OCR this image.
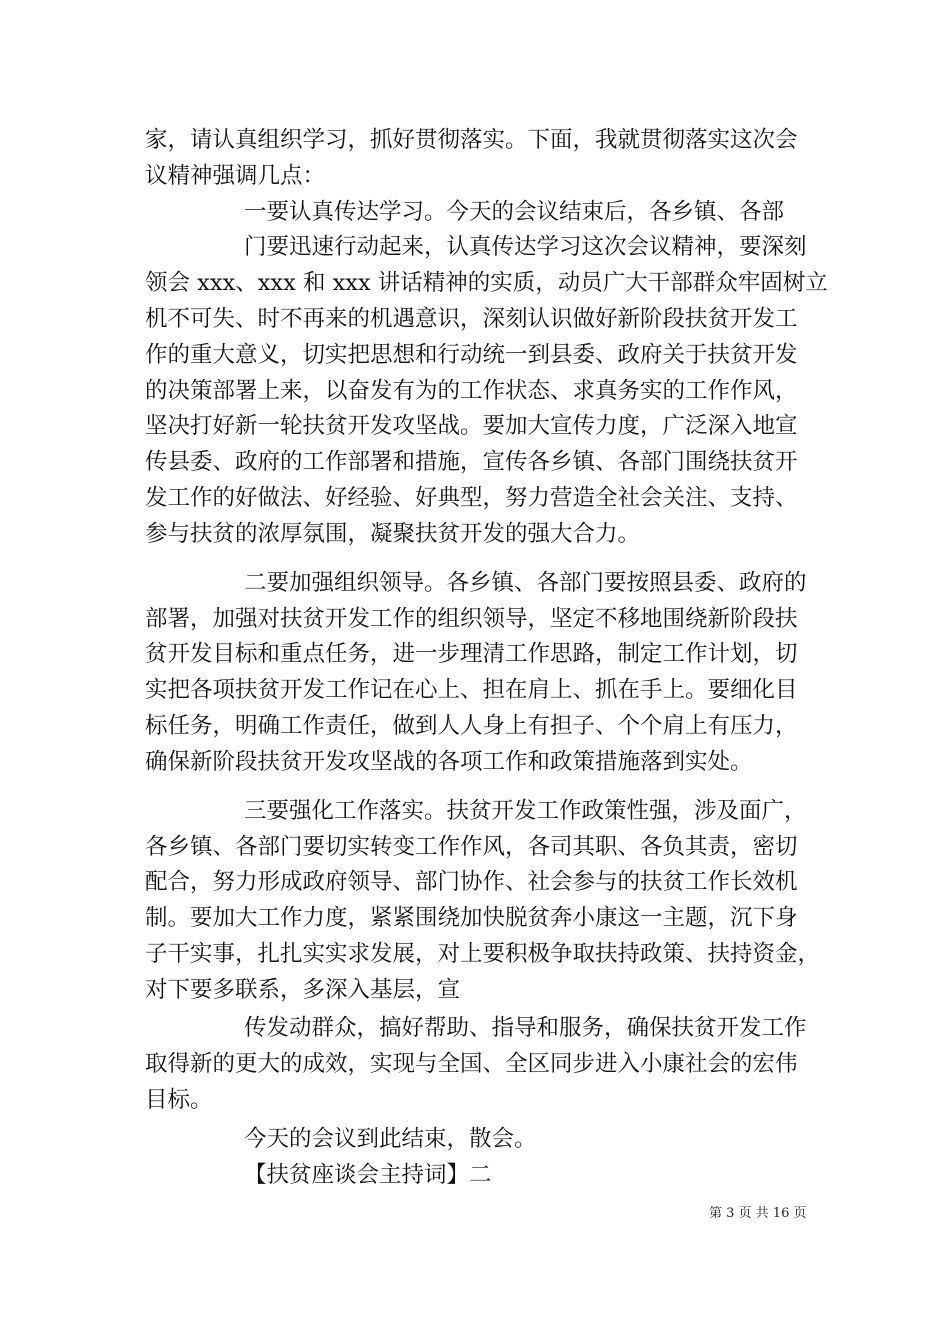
家，请认真组织学习，抓好贯彻落实。下面，我就贯彻落实这次会
议精神强调几点：
一要认真传达学习。今天的会议结束后，各乡镇、各部
门要迅速行动起来，认真传达学习这次会议精神，要深刻
领会 xxx、xxx 和 xxx 讲话精神的实质，动员广大干部群众牢固树立
机不可失、时不再来的机遇意识，深刻认识做好新阶段扶贫开发工
作的重大意义，切实把思想和行动统一到县委、政府关于扶贫开发
的决策部署上来，以奋发有为的工作状态、求真务实的工作作风，
坚决打好新一轮扶贫开发攻坚战。要加大宣传力度，广泛深入地宣
传县委、政府的工作部署和措施，宣传各乡镇、各部门围绕扶贫开
发工作的好做法、好经验、好典型，努力营造全社会关注、支持、
参与扶贫的浓厚氛围，凝聚扶贫开发的强大合力。
二要加强组织领导。各乡镇、各部门要按照县委、政府的
部署，加强对扶贫开发工作的组织领导，坚定不移地围绕新阶段扶
贫开发目标和重点任务，进一步理清工作思路，制定工作计划，切
实把各项扶贫开发工作记在心上、担在肩上、抓在手上。要细化目
标任务，明确工作责任，做到人人身上有担子、个个肩上有压力，
确保新阶段扶贫开发攻坚战的各项工作和政策措施落到实处。
三要强化工作落实。扶贫开发工作政策性强，涉及面广，
各乡镇、各部门要切实转变工作作风，各司其职、各负其责，密切
配合，努力形成政府领导、部门协作、社会参与的扶贫工作长效机
制。要加大工作力度，紧紧围绕加快脱贫奔小康这一主题，沉下身
子干实事，扎扎实实求发展，对上要积极争取扶持政策、扶持资金，
对下要多联系，多深入基层，宣
传发动群众，搞好帮助、指导和服务，确保扶贫开发工作
取得新的更大的成效，实现与全国、全区同步进入小康社会的宏伟
目标。
今天的会议到此结束，散会。
【扶贫座谈会主持词】二
第 3 页 共 16 页
